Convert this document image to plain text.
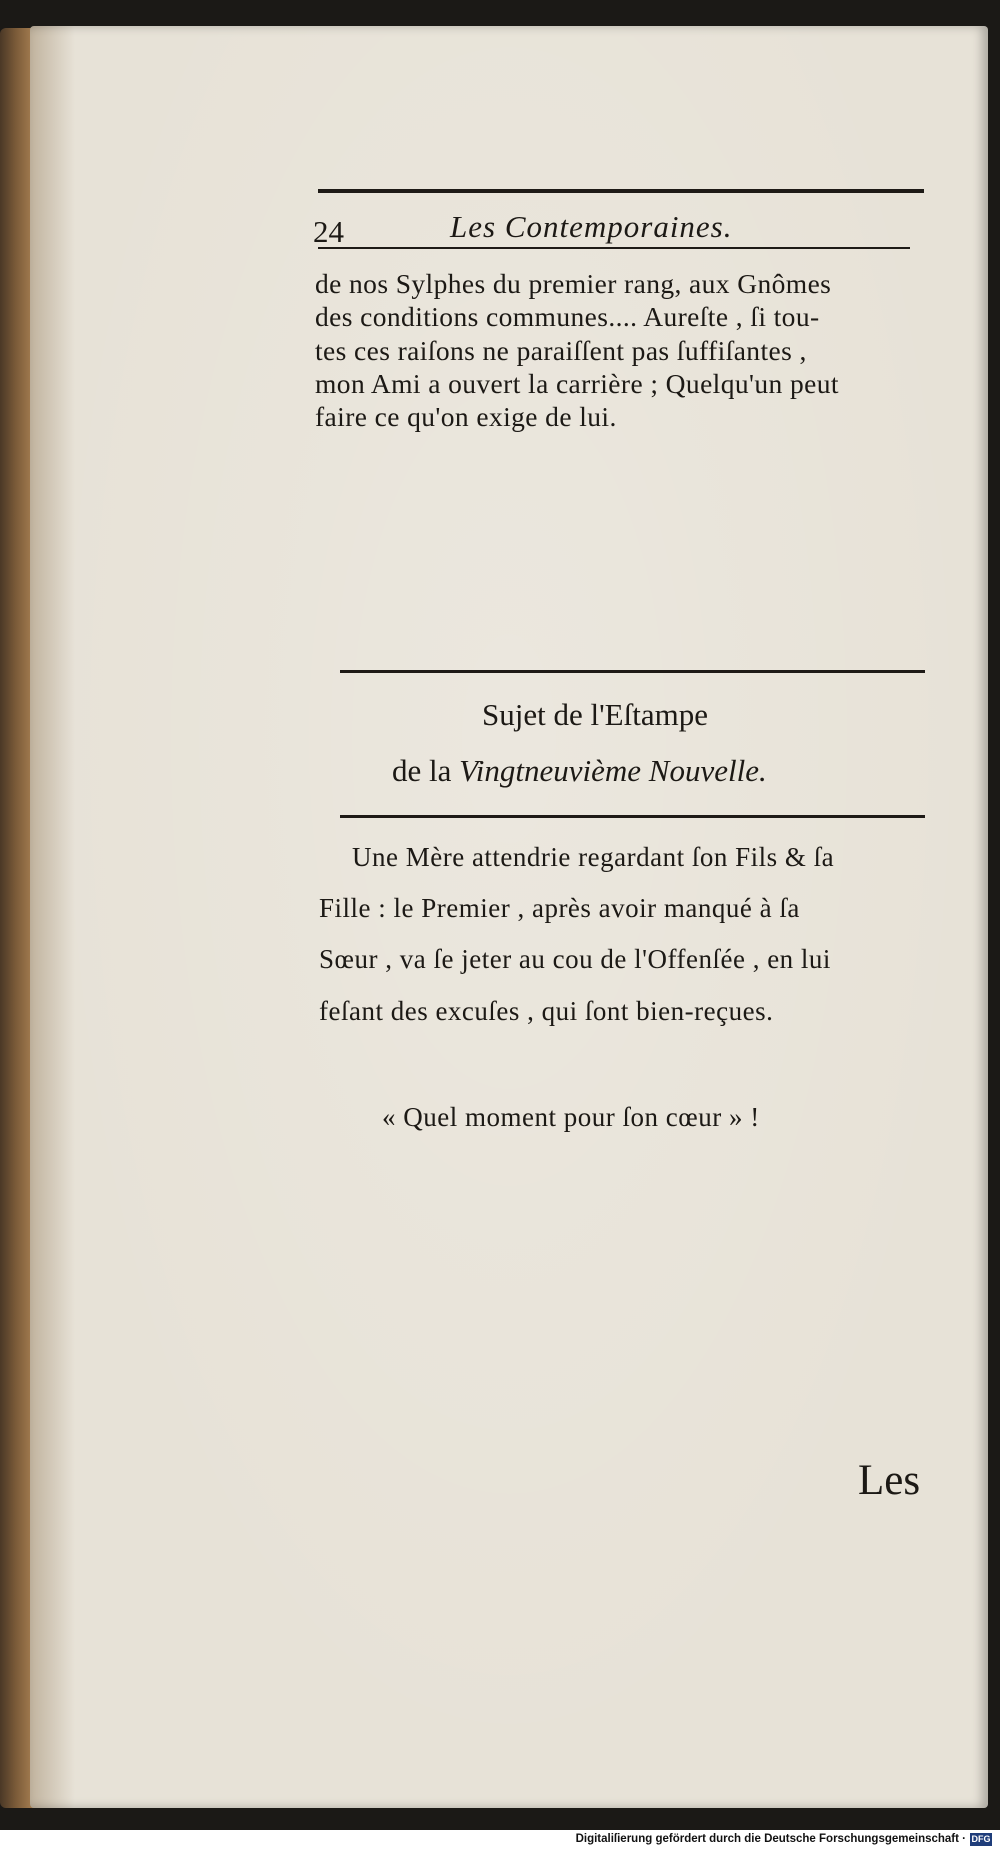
24	Les Contemporaines.
de nos Sylphes du premier rang, aux Gnômes
des conditions communes.... Aureſte , ſi tou-
tes ces raiſons ne paraiſſent pas ſuffiſantes ,
mon Ami a ouvert la carrière ; Quelqu'un peut
faire ce qu'on exige de lui.
Sujet de l'Eſtampe
de la Vingtneuvième Nouvelle.
Une Mère attendrie regardant ſon Fils & ſa
Fille : le Premier , après avoir manqué à ſa
Sœur , va ſe jeter au cou de l'Offenſée , en lui
feſant des excuſes , qui ſont bien-reçues.
« Quel moment pour ſon cœur » !
Les
Digitaliſierung gefördert durch die Deutsche Forschungsgemeinschaft · DFG
